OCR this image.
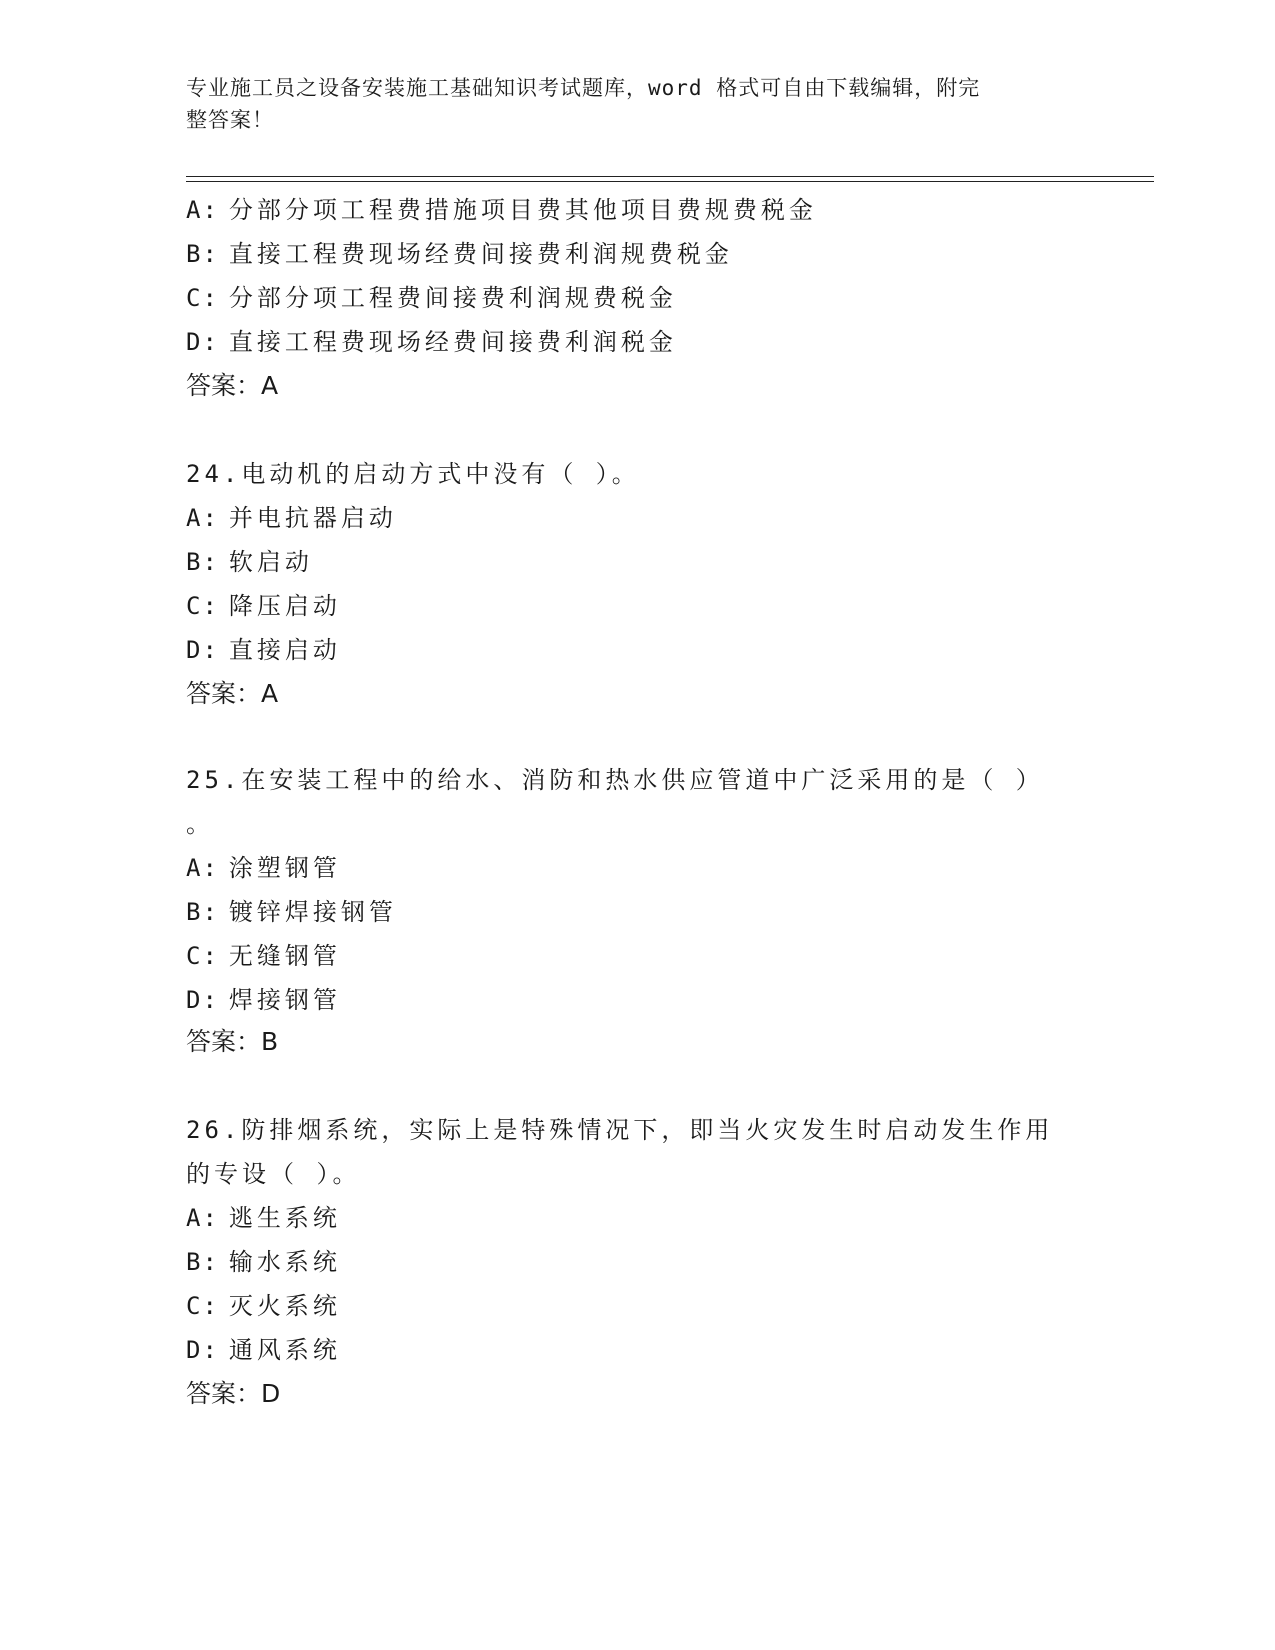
专业施工员之设备安装施工基础知识考试题库，word 格式可自由下载编辑，附完
整答案！
A: 分部分项工程费措施项目费其他项目费规费税金
B: 直接工程费现场经费间接费利润规费税金
C: 分部分项工程费间接费利润规费税金
D: 直接工程费现场经费间接费利润税金
答案：A
24.电动机的启动方式中没有（ ）。
A: 并电抗器启动
B: 软启动
C: 降压启动
D: 直接启动
答案：A
25.在安装工程中的给水、消防和热水供应管道中广泛采用的是（ ）
。
A: 涂塑钢管
B: 镀锌焊接钢管
C: 无缝钢管
D: 焊接钢管
答案：B
26.防排烟系统，实际上是特殊情况下，即当火灾发生时启动发生作用
的专设（ ）。
A: 逃生系统
B: 输水系统
C: 灭火系统
D: 通风系统
答案：D
